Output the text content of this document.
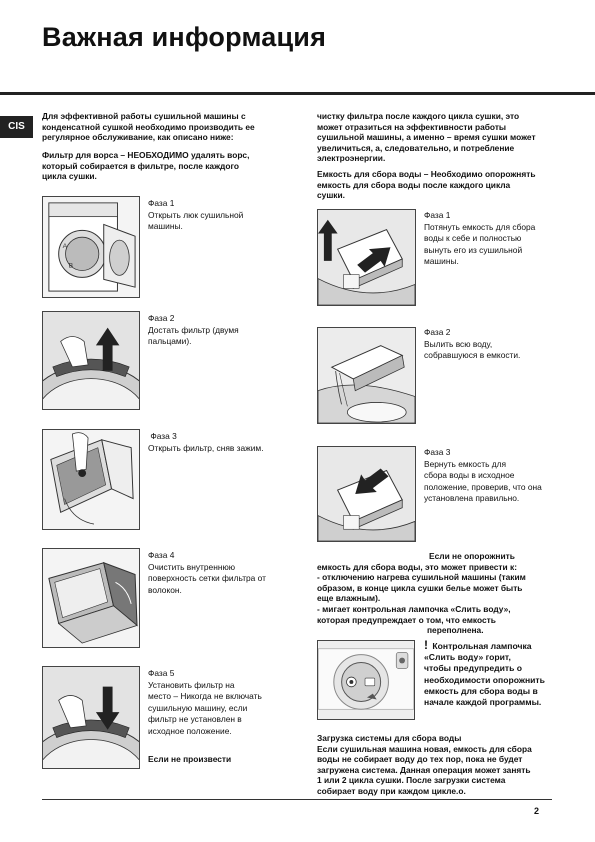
Важная информация
CIS
Для эффективной работы сушильной машины с
конденсатной сушкой необходимо производить ее
регулярное обслуживание, как описано ниже:
Фильтр для ворса – НЕОБХОДИМО удалять ворс,
который собирается в фильтре, после каждого
цикла сушки.
A
B
Фаза 1
Открыть люк сушильной
машины.
Фаза 2
Достать фильтр (двумя
пальцами).
Фаза 3
Открыть фильтр, сняв зажим.
Фаза 4
Очистить внутреннюю
поверхность сетки фильтра от
волокон.
Фаза 5
Установить фильтр на
место – Никогда не включать
сушильную машину, если
фильтр не установлен в
исходное положение.
Если не произвести
чистку фильтра после каждого цикла сушки, это
может отразиться на эффективности работы
сушильной машины, а именно – время сушки может
увеличиться, а, следовательно, и потребление
электроэнергии.
Емкость для сбора воды – Необходимо опорожнять
емкость для сбора воды после каждого цикла
сушки.
Фаза 1
Потянуть емкость для сбора
воды к себе и полностью
вынуть его из сушильной
машины.
Фаза 2
Вылить всю воду,
собравшуюся в емкости.
Фаза 3
Вернуть емкость для
сбора воды в исходное
положение, проверив, что она
установлена правильно.
Если не опорожнить
емкость для сбора воды, это может привести к:
- отключению нагрева сушильной машины (таким
образом, в конце цикла сушки белье может быть
еще влажным).
- мигает контрольная лампочка «Слить воду»,
которая предупреждает о том, что емкость
переполнена.
! Контрольная лампочка
«Слить воду» горит,
чтобы предупредить о
необходимости опорожнить
емкость для сбора воды в
начале каждой программы.
Загрузка системы для сбора воды
Если сушильная машина новая, емкость для сбора
воды не собирает воду до тех пор, пока не будет
загружена система. Данная операция может занять
1 или 2 цикла сушки. После загрузки система
собирает воду при каждом цикле.о.
2
